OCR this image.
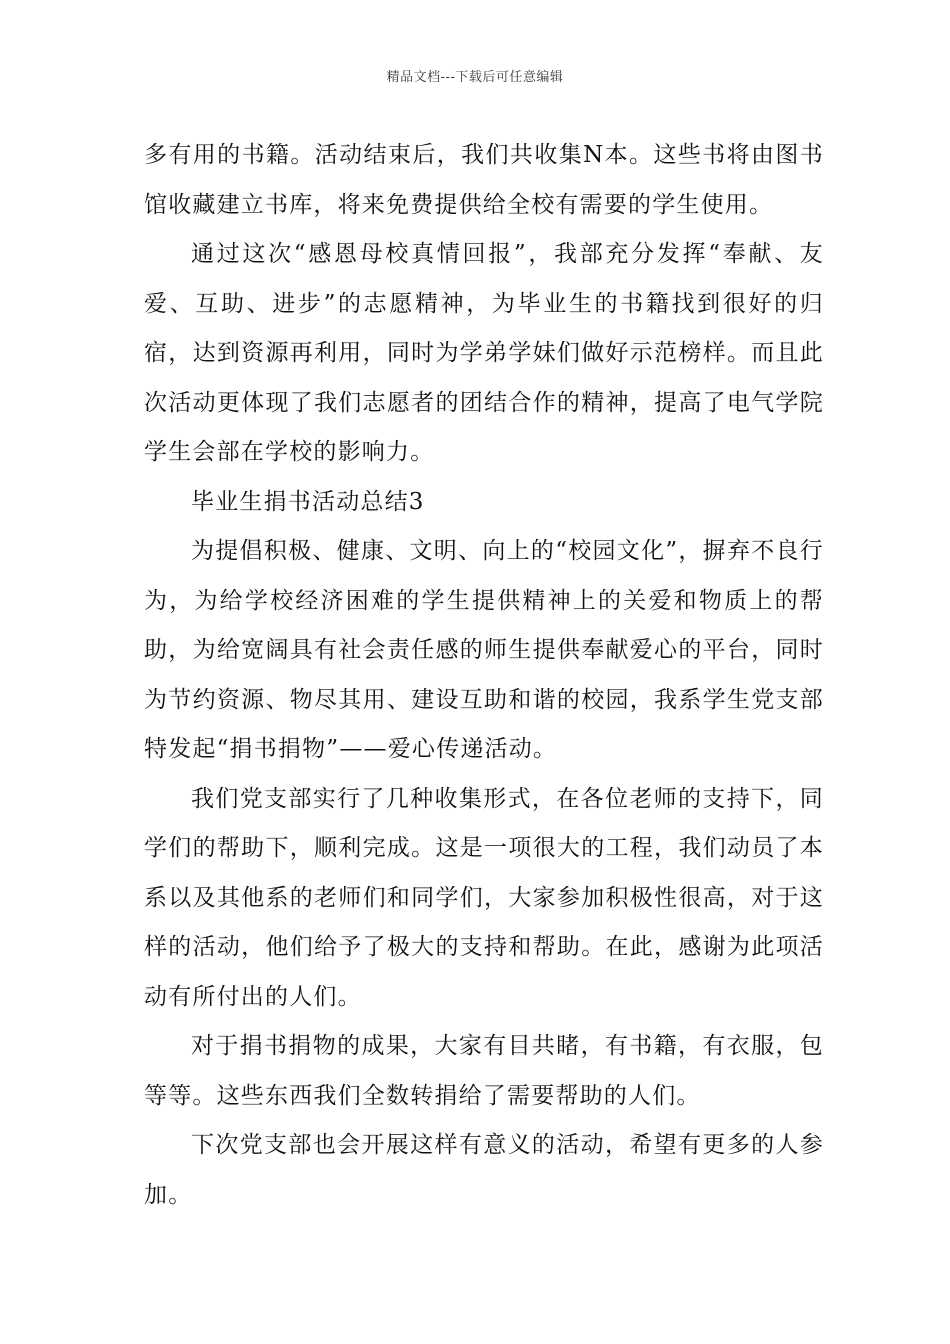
精品文档---下载后可任意编辑

多有用的书籍。活动结束后，我们共收集N本。这些书将由图书馆收藏建立书库，将来免费提供给全校有需要的学生使用。

通过这次“感恩母校真情回报”，我部充分发挥“奉献、友爱、互助、进步”的志愿精神，为毕业生的书籍找到很好的归宿，达到资源再利用，同时为学弟学妹们做好示范榜样。而且此次活动更体现了我们志愿者的团结合作的精神，提高了电气学院学生会部在学校的影响力。

毕业生捐书活动总结3

为提倡积极、健康、文明、向上的“校园文化”，摒弃不良行为，为给学校经济困难的学生提供精神上的关爱和物质上的帮助，为给宽阔具有社会责任感的师生提供奉献爱心的平台，同时为节约资源、物尽其用、建设互助和谐的校园，我系学生党支部特发起“捐书捐物”——爱心传递活动。

我们党支部实行了几种收集形式，在各位老师的支持下，同学们的帮助下，顺利完成。这是一项很大的工程，我们动员了本系以及其他系的老师们和同学们，大家参加积极性很高，对于这样的活动，他们给予了极大的支持和帮助。在此，感谢为此项活动有所付出的人们。

对于捐书捐物的成果，大家有目共睹，有书籍，有衣服，包等等。这些东西我们全数转捐给了需要帮助的人们。

下次党支部也会开展这样有意义的活动，希望有更多的人参加。
